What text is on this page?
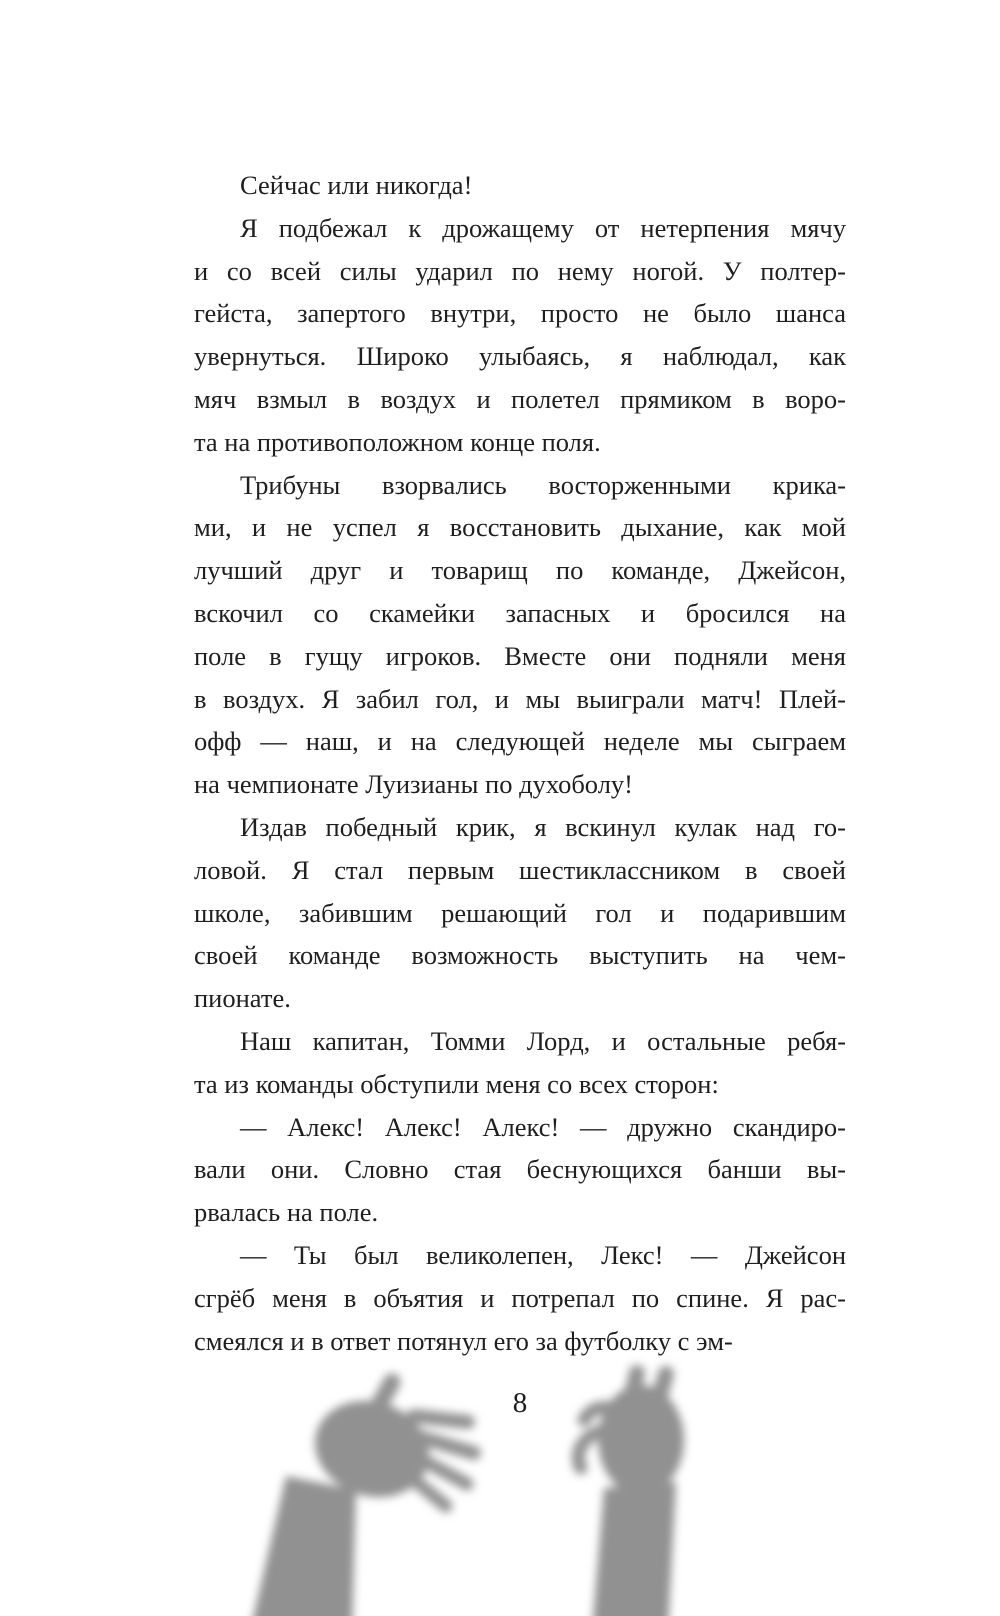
Сейчас или никогда!
Я подбежал к дрожащему от нетерпения мячу
и со всей силы ударил по нему ногой. У полтер-
гейста, запертого внутри, просто не было шанса
увернуться. Широко улыбаясь, я наблюдал, как
мяч взмыл в воздух и полетел прямиком в воро-
та на противоположном конце поля.
Трибуны взорвались восторженными крика-
ми, и не успел я восстановить дыхание, как мой
лучший друг и товарищ по команде, Джейсон,
вскочил со скамейки запасных и бросился на
поле в гущу игроков. Вместе они подняли меня
в воздух. Я забил гол, и мы выиграли матч! Плей-
офф — наш, и на следующей неделе мы сыграем
на чемпионате Луизианы по духоболу!
Издав победный крик, я вскинул кулак над го-
ловой. Я стал первым шестиклассником в своей
школе, забившим решающий гол и подарившим
своей команде возможность выступить на чем-
пионате.
Наш капитан, Томми Лорд, и остальные ребя-
та из команды обступили меня со всех сторон:
— Алекс! Алекс! Алекс! — дружно скандиро-
вали они. Словно стая беснующихся банши вы-
рвалась на поле.
— Ты был великолепен, Лекс! — Джейсон
сгрёб меня в объятия и потрепал по спине. Я рас-
смеялся и в ответ потянул его за футболку с эм-
8
